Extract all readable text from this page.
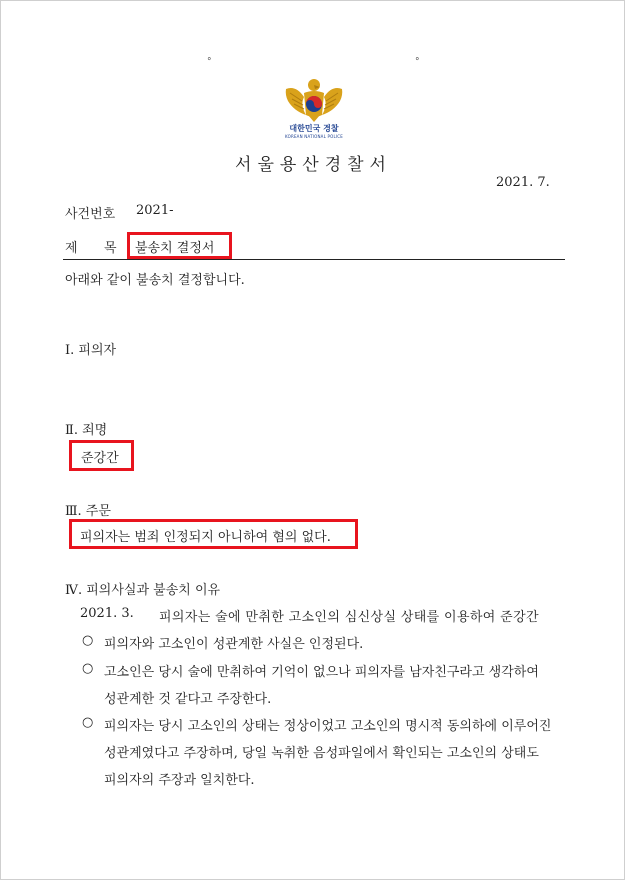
°	°
대한민국 경찰
KOREAN NATIONAL POLICE
서울용산경찰서
2021. 7.
사건번호 2021-
제 목 불송치 결정서
아래와 같이 불송치 결정합니다.
Ⅰ. 피의자
Ⅱ. 죄명
준강간
Ⅲ. 주문
피의자는 범죄 인정되지 아니하여 혐의 없다.
Ⅳ. 피의사실과 불송치 이유
2021. 3. 피의자는 술에 만취한 고소인의 심신상실 상태를 이용하여 준강간
○ 피의자와 고소인이 성관계한 사실은 인정된다.
○ 고소인은 당시 술에 만취하여 기억이 없으나 피의자를 남자친구라고 생각하여
성관계한 것 같다고 주장한다.
○ 피의자는 당시 고소인의 상태는 정상이었고 고소인의 명시적 동의하에 이루어진
성관계였다고 주장하며, 당일 녹취한 음성파일에서 확인되는 고소인의 상태도
피의자의 주장과 일치한다.
